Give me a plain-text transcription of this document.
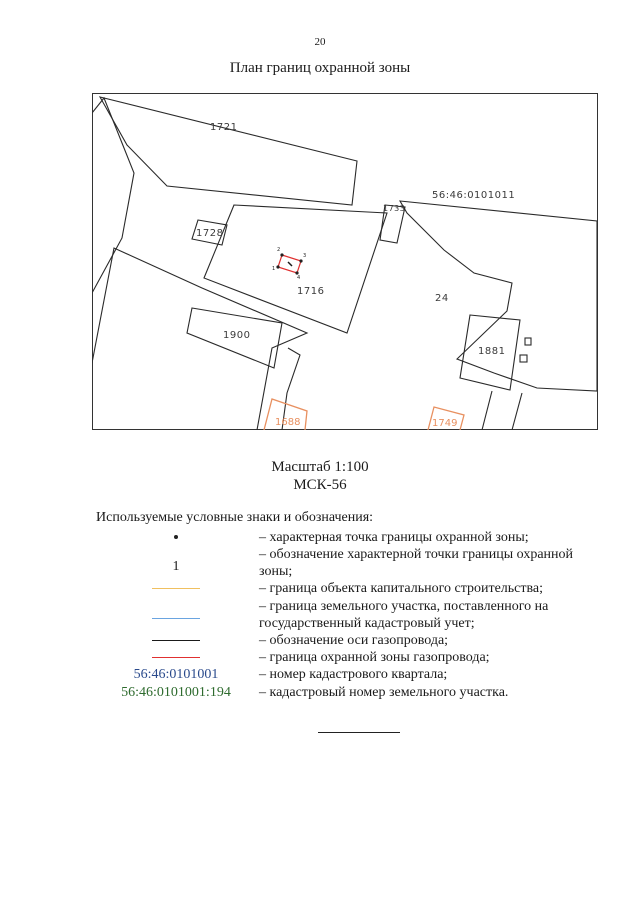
20
План границ охранной зоны
2
3
4
1
56:46:0101011
1721
1728
1716
1900
24
1881
1733
1688	1749
Масштаб 1:100
МСК-56
Используемые условные знаки и обозначения:
– характерная точка границы охранной зоны;
1
– обозначение характерной точки границы охранной зоны;
– граница объекта капитального строительства;
– граница земельного участка, поставленного на государственный кадастровый учет;
– обозначение оси газопровода;
– граница охранной зоны газопровода;
56:46:0101001	– номер кадастрового квартала;
56:46:0101001:194 – кадастровый номер земельного участка.
